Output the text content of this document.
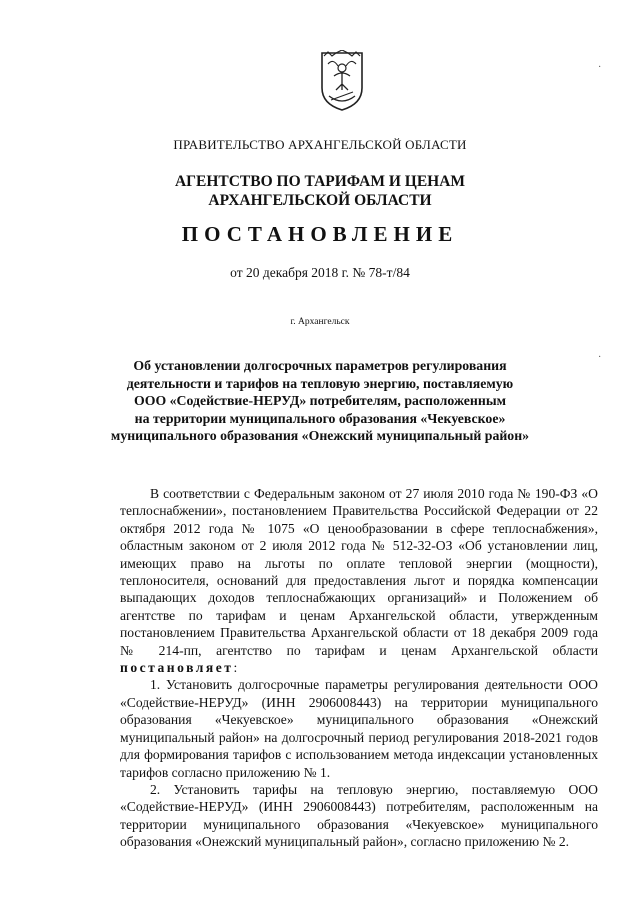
ПРАВИТЕЛЬСТВО АРХАНГЕЛЬСКОЙ ОБЛАСТИ
АГЕНТСТВО ПО ТАРИФАМ И ЦЕНАМ
АРХАНГЕЛЬСКОЙ ОБЛАСТИ
ПОСТАНОВЛЕНИЕ
от 20 декабря 2018 г. № 78-т/84
г. Архангельск
Об установлении долгосрочных параметров регулирования
деятельности и тарифов на тепловую энергию, поставляемую
ООО «Содействие-НЕРУД» потребителям, расположенным
на территории муниципального образования «Чекуевское»
муниципального образования «Онежский муниципальный район»

В соответствии с Федеральным законом от 27 июля 2010 года № 190-ФЗ «О теплоснабжении», постановлением Правительства Российской Федерации от 22 октября 2012 года № 1075 «О ценообразовании в сфере теплоснабжения», областным законом от 2 июля 2012 года № 512-32-ОЗ «Об установлении лиц, имеющих право на льготы по оплате тепловой энергии (мощности), теплоносителя, оснований для предоставления льгот и порядка компенсации выпадающих доходов теплоснабжающих организаций» и Положением об агентстве по тарифам и ценам Архангельской области, утвержденным постановлением Правительства Архангельской области от 18 декабря 2009 года № 214-пп, агентство по тарифам и ценам Архангельской области постановляет:

1. Установить долгосрочные параметры регулирования деятельности ООО «Содействие-НЕРУД» (ИНН 2906008443) на территории муниципального образования «Чекуевское» муниципального образования «Онежский муниципальный район» на долгосрочный период регулирования 2018-2021 годов для формирования тарифов с использованием метода индексации установленных тарифов согласно приложению № 1.

2. Установить тарифы на тепловую энергию, поставляемую ООО «Содействие-НЕРУД» (ИНН 2906008443) потребителям, расположенным на территории муниципального образования «Чекуевское» муниципального образования «Онежский муниципальный район», согласно приложению № 2.

·
·
